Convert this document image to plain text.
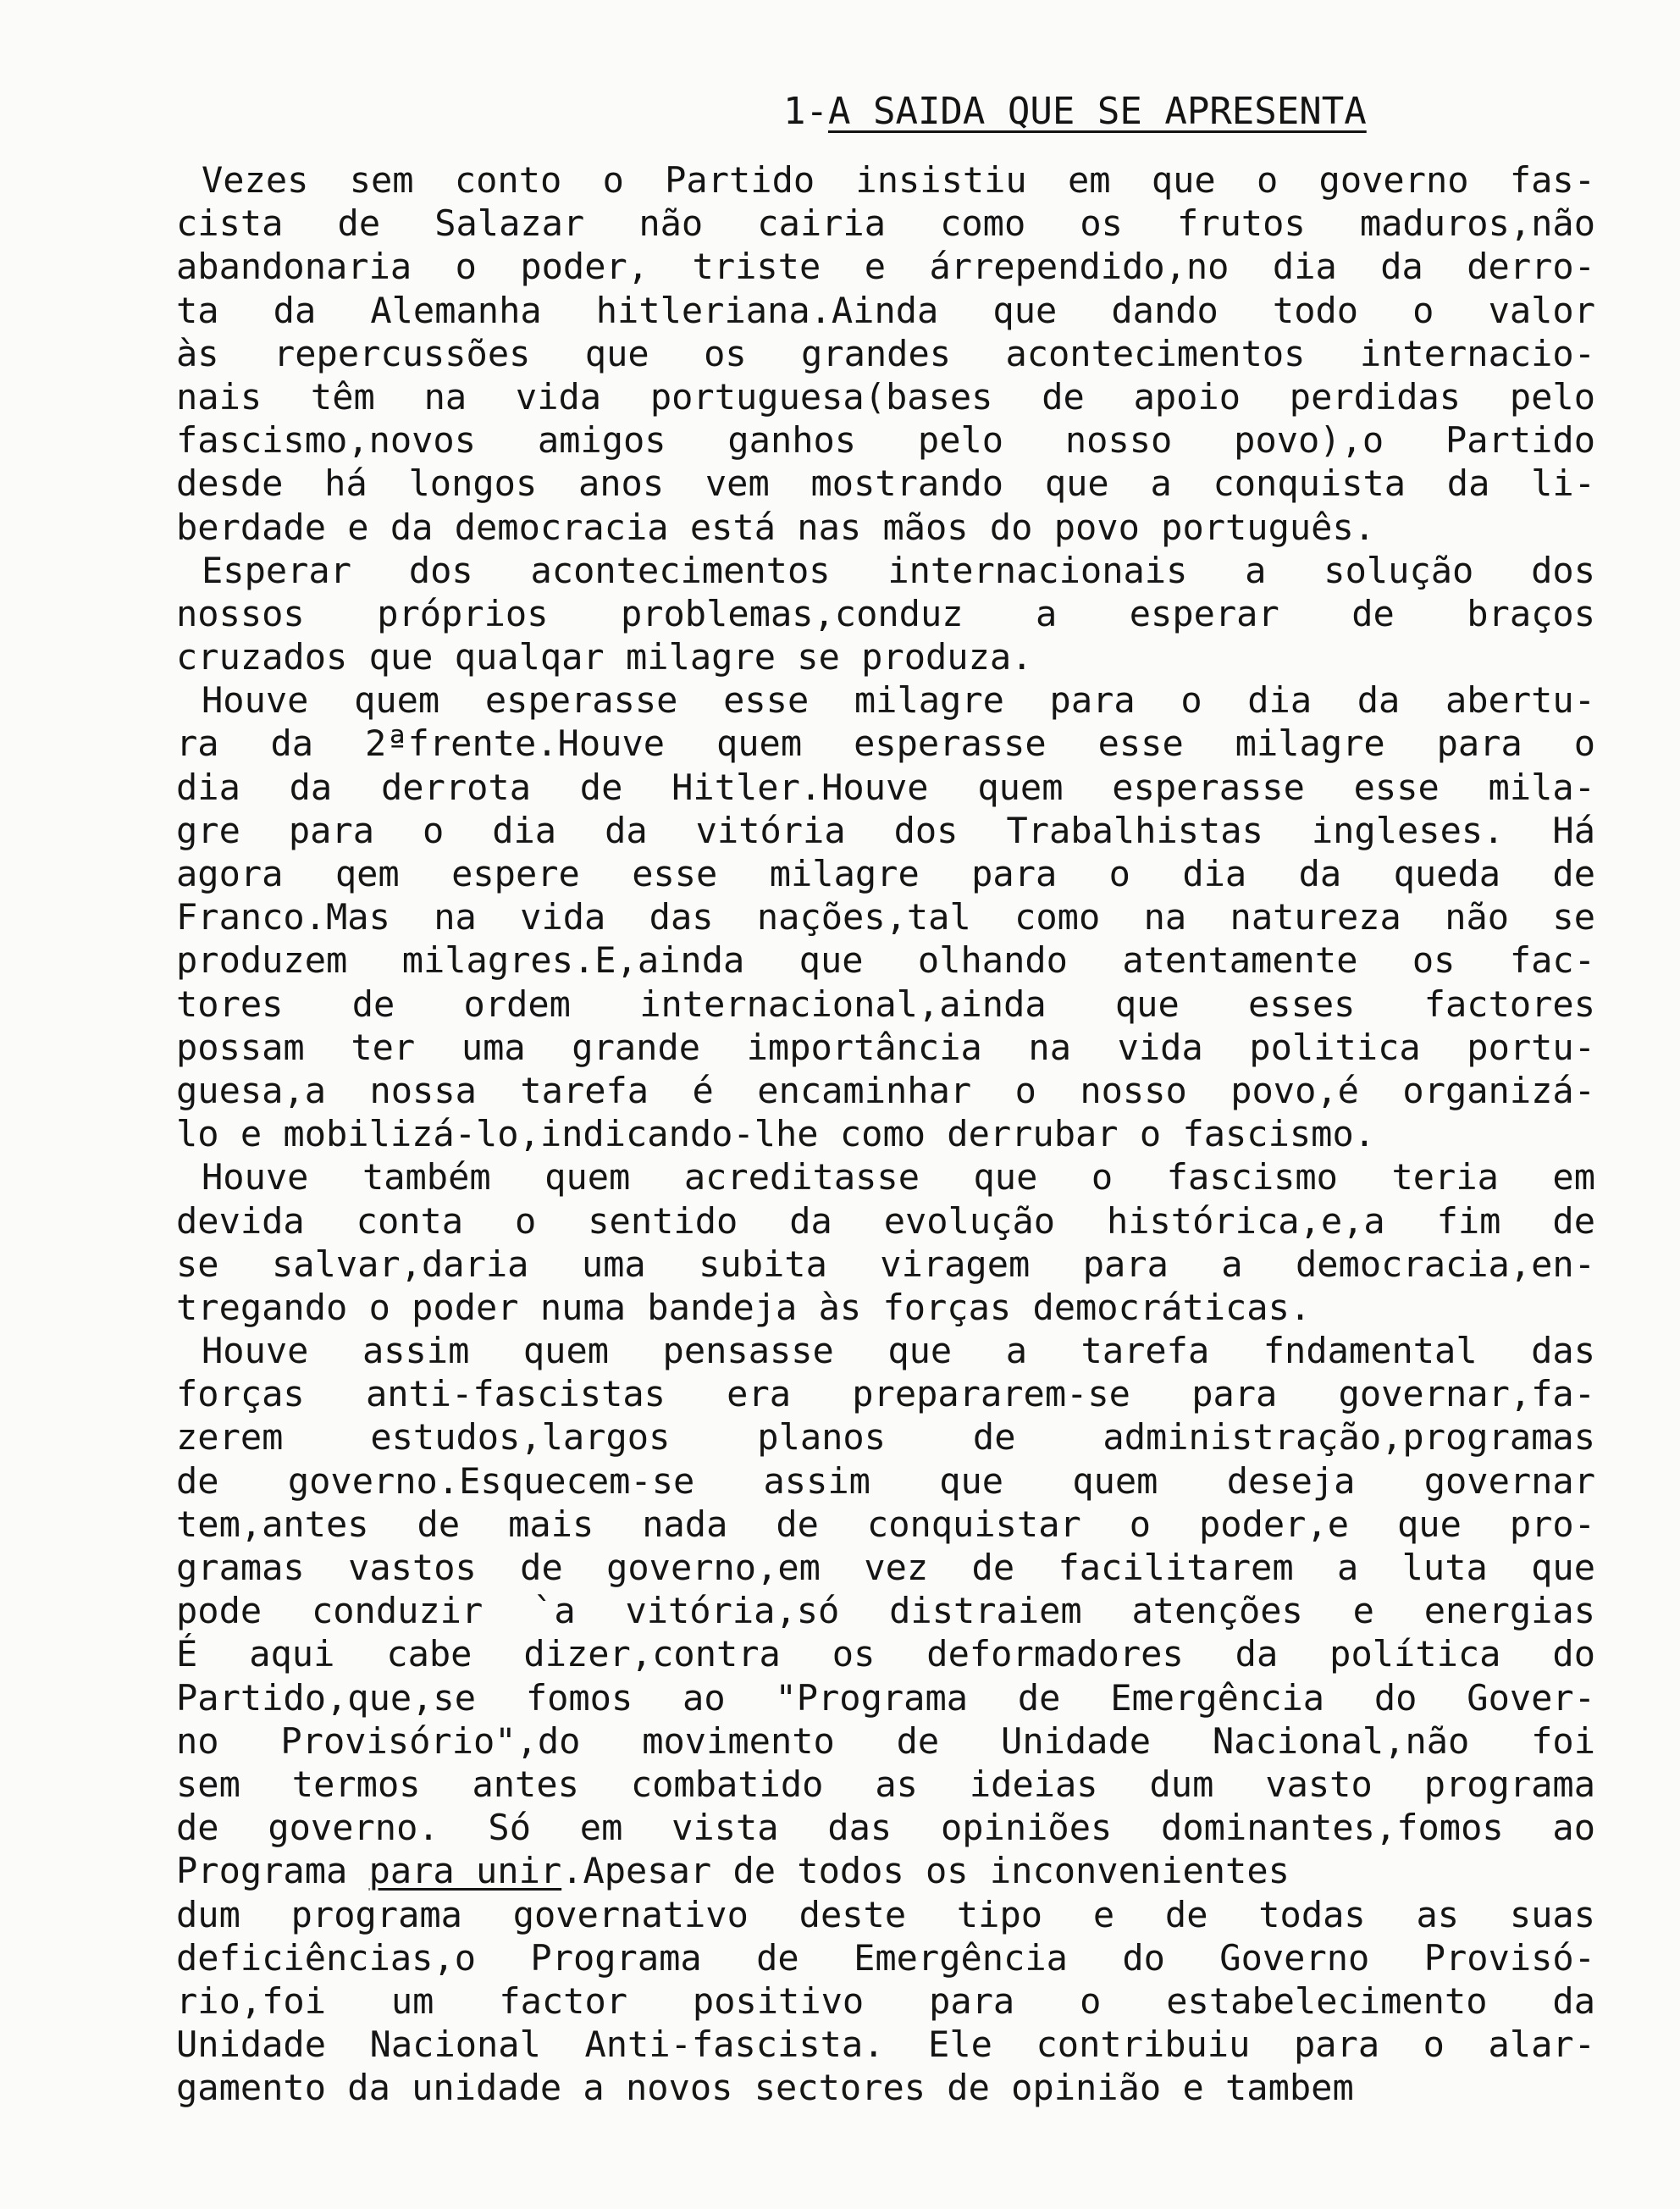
1-A SAIDA QUE SE APRESENTA
Vezes sem conto o Partido insistiu em que o governo fas-
cista de Salazar não cairia como os frutos maduros,não
abandonaria o poder, triste e árrependido,no dia da derro-
ta da Alemanha hitleriana.Ainda que dando todo o valor
às repercussões que os grandes acontecimentos internacio-
nais têm na vida portuguesa(bases de apoio perdidas pelo
fascismo,novos amigos ganhos pelo nosso povo),o Partido
desde há longos anos vem mostrando que a conquista da li-
berdade e da democracia está nas mãos do povo português.
Esperar dos acontecimentos internacionais a solução dos
nossos próprios problemas,conduz a esperar de braços
cruzados que qualqar milagre se produza.
Houve quem esperasse esse milagre para o dia da abertu-
ra da 2ªfrente.Houve quem esperasse esse milagre para o
dia da derrota de Hitler.Houve quem esperasse esse mila-
gre para o dia da vitória dos Trabalhistas ingleses. Há
agora qem espere esse milagre para o dia da queda de
Franco.Mas na vida das nações,tal como na natureza não se
produzem milagres.E,ainda que olhando atentamente os fac-
tores de ordem internacional,ainda que esses factores
possam ter uma grande importância na vida politica portu-
guesa,a nossa tarefa é encaminhar o nosso povo,é organizá-
lo e mobilizá-lo,indicando-lhe como derrubar o fascismo.
Houve também quem acreditasse que o fascismo teria em
devida conta o sentido da evolução histórica,e,a fim de
se salvar,daria uma subita viragem para a democracia,en-
tregando o poder numa bandeja às forças democráticas.
Houve assim quem pensasse que a tarefa fndamental das
forças anti-fascistas era prepararem-se para governar,fa-
zerem estudos,largos planos de administração,programas
de governo.Esquecem-se assim que quem deseja governar
tem,antes de mais nada de conquistar o poder,e que pro-
gramas vastos de governo,em vez de facilitarem a luta que
pode conduzir `a vitória,só distraiem atenções e energias
É aqui cabe dizer,contra os deformadores da política do
Partido,que,se fomos ao "Programa de Emergência do Gover-
no Provisório",do movimento de Unidade Nacional,não foi
sem termos antes combatido as ideias dum vasto programa
de governo. Só em vista das opiniões dominantes,fomos ao
Programa para unir.Apesar de todos os inconvenientes
dum programa governativo deste tipo e de todas as suas
deficiências,o Programa de Emergência do Governo Provisó-
rio,foi um factor positivo para o estabelecimento da
Unidade Nacional Anti-fascista. Ele contribuiu para o alar-
gamento da unidade a novos sectores de opinião e tambem
